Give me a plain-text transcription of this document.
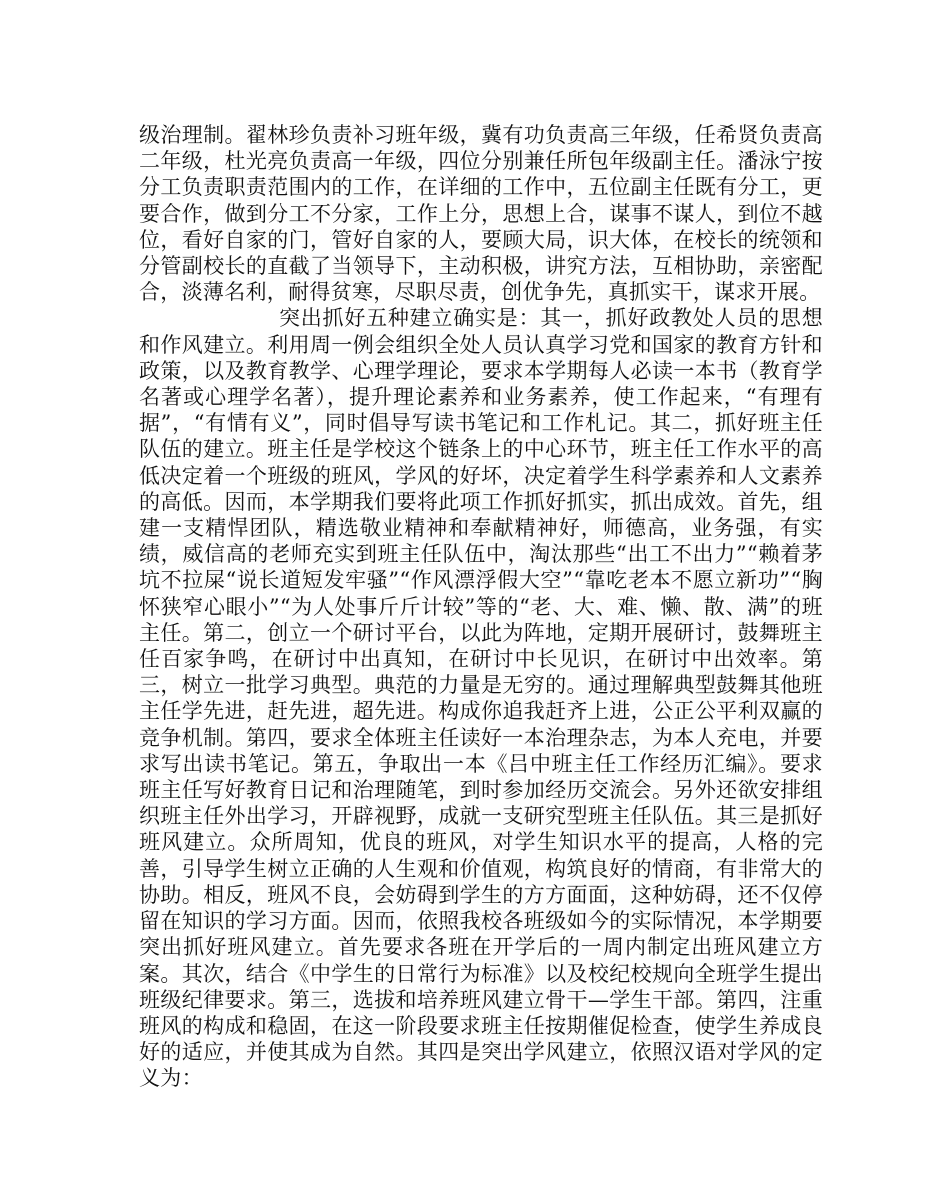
级治理制。翟林珍负责补习班年级，冀有功负责高三年级，任希贤负责高二年级，杜光亮负责高一年级，四位分别兼任所包年级副主任。潘泳宁按分工负责职责范围内的工作，在详细的工作中，五位副主任既有分工，更要合作，做到分工不分家，工作上分，思想上合，谋事不谋人，到位不越位，看好自家的门，管好自家的人，要顾大局，识大体，在校长的统领和分管副校长的直截了当领导下，主动积极，讲究方法，互相协助，亲密配合，淡薄名利，耐得贫寒，尽职尽责，创优争先，真抓实干，谋求开展。

突出抓好五种建立确实是：其一，抓好政教处人员的思想和作风建立。利用周一例会组织全处人员认真学习党和国家的教育方针和政策，以及教育教学、心理学理论，要求本学期每人必读一本书（教育学名著或心理学名著），提升理论素养和业务素养，使工作起来，“有理有据”，“有情有义”，同时倡导写读书笔记和工作札记。其二，抓好班主任队伍的建立。班主任是学校这个链条上的中心环节，班主任工作水平的高低决定着一个班级的班风，学风的好坏，决定着学生科学素养和人文素养的高低。因而，本学期我们要将此项工作抓好抓实，抓出成效。首先，组建一支精悍团队，精选敬业精神和奉献精神好，师德高，业务强，有实绩，威信高的老师充实到班主任队伍中，淘汰那些“出工不出力”“赖着茅坑不拉屎“说长道短发牢骚”“作风漂浮假大空”“靠吃老本不愿立新功”“胸怀狭窄心眼小”“为人处事斤斤计较”等的“老、大、难、懒、散、满”的班主任。第二，创立一个研讨平台，以此为阵地，定期开展研讨，鼓舞班主任百家争鸣，在研讨中出真知，在研讨中长见识，在研讨中出效率。第三，树立一批学习典型。典范的力量是无穷的。通过理解典型鼓舞其他班主任学先进，赶先进，超先进。构成你追我赶齐上进，公正公平利双赢的竞争机制。第四，要求全体班主任读好一本治理杂志，为本人充电，并要求写出读书笔记。第五，争取出一本《吕中班主任工作经历汇编》。要求班主任写好教育日记和治理随笔，到时参加经历交流会。另外还欲安排组织班主任外出学习，开辟视野，成就一支研究型班主任队伍。其三是抓好班风建立。众所周知，优良的班风，对学生知识水平的提高，人格的完善，引导学生树立正确的人生观和价值观，构筑良好的情商，有非常大的协助。相反，班风不良，会妨碍到学生的方方面面，这种妨碍，还不仅停留在知识的学习方面。因而，依照我校各班级如今的实际情况，本学期要突出抓好班风建立。首先要求各班在开学后的一周内制定出班风建立方案。其次，结合《中学生的日常行为标准》以及校纪校规向全班学生提出班级纪律要求。第三，选拔和培养班风建立骨干—学生干部。第四，注重班风的构成和稳固，在这一阶段要求班主任按期催促检查，使学生养成良好的适应，并使其成为自然。其四是突出学风建立，依照汉语对学风的定义为：
